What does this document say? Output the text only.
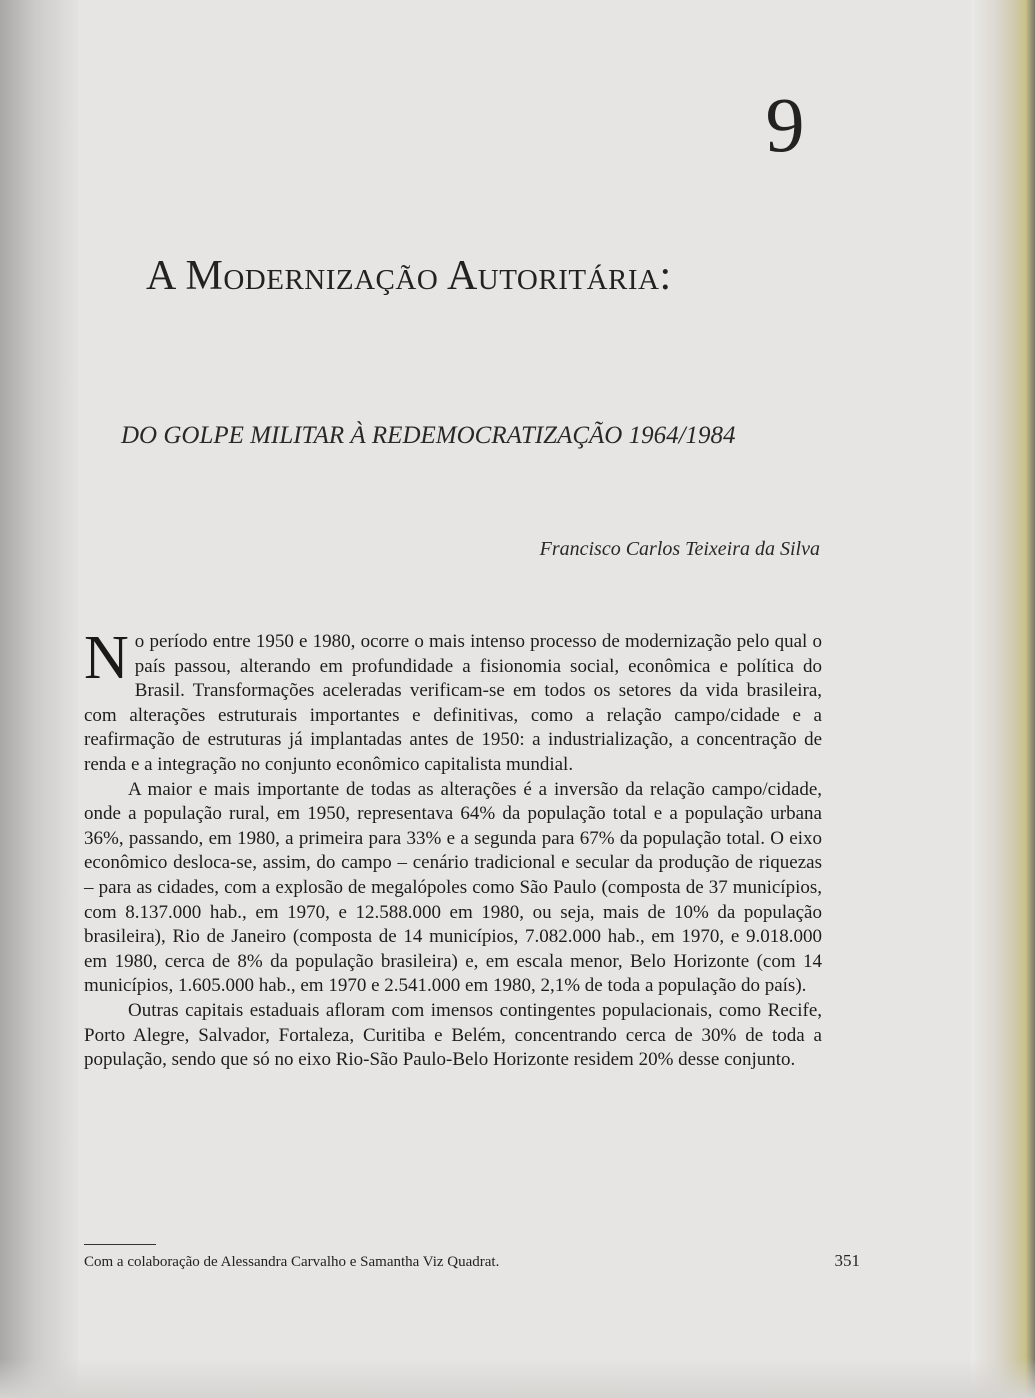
9
A Modernização Autoritária:
DO GOLPE MILITAR À REDEMOCRATIZAÇÃO 1964/1984
Francisco Carlos Teixeira da Silva

No período entre 1950 e 1980, ocorre o mais intenso processo de modernização pelo qual o país passou, alterando em profundidade a fisionomia social, econômica e política do Brasil. Transformações aceleradas verificam-se em todos os setores da vida brasileira, com alterações estruturais importantes e definitivas, como a relação campo/cidade e a reafirmação de estruturas já implantadas antes de 1950: a industrialização, a concentração de renda e a integração no conjunto econômico capitalista mundial.

A maior e mais importante de todas as alterações é a inversão da relação campo/cidade, onde a população rural, em 1950, representava 64% da população total e a população urbana 36%, passando, em 1980, a primeira para 33% e a segunda para 67% da população total. O eixo econômico desloca-se, assim, do campo – cenário tradicional e secular da produção de riquezas – para as cidades, com a explosão de megalópoles como São Paulo (composta de 37 municípios, com 8.137.000 hab., em 1970, e 12.588.000 em 1980, ou seja, mais de 10% da população brasileira), Rio de Janeiro (composta de 14 municípios, 7.082.000 hab., em 1970, e 9.018.000 em 1980, cerca de 8% da população brasileira) e, em escala menor, Belo Horizonte (com 14 municípios, 1.605.000 hab., em 1970 e 2.541.000 em 1980, 2,1% de toda a população do país).

Outras capitais estaduais afloram com imensos contingentes populacionais, como Recife, Porto Alegre, Salvador, Fortaleza, Curitiba e Belém, concentrando cerca de 30% de toda a população, sendo que só no eixo Rio-São Paulo-Belo Horizonte residem 20% desse conjunto.

Com a colaboração de Alessandra Carvalho e Samantha Viz Quadrat.	351
